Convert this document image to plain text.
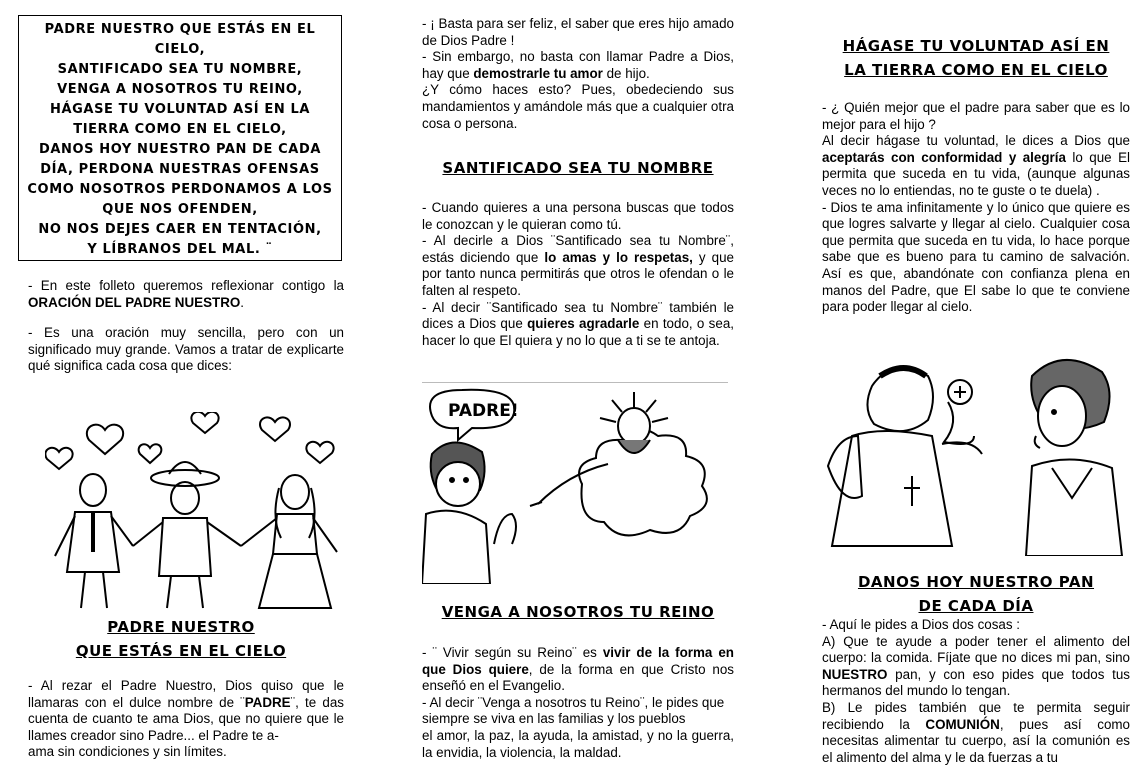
PADRE NUESTRO QUE ESTÁS EN EL CIELO,
SANTIFICADO SEA TU NOMBRE,
VENGA A NOSOTROS TU REINO,
HÁGASE TU VOLUNTAD ASÍ EN LA TIERRA COMO EN EL CIELO,
DANOS HOY NUESTRO PAN DE CADA DÍA, PERDONA NUESTRAS OFENSAS COMO NOSOTROS PERDONAMOS A LOS QUE NOS OFENDEN,
NO NOS DEJES CAER EN TENTACIÓN,
Y LÍBRANOS DEL MAL. ¨

- En este folleto queremos reflexionar contigo la ORACIÓN DEL PADRE NUESTRO.

- Es una oración muy sencilla, pero con un significado muy grande. Vamos a tratar de explicarte qué significa cada cosa que dices:

PADRE NUESTRO
QUE ESTÁS EN EL CIELO

- Al rezar el Padre Nuestro, Dios quiso que le llamaras con el dulce nombre de ¨PADRE¨, te das cuenta de cuanto te ama Dios, que no quiere que le llames creador sino Padre... el Padre te a-

ama sin condiciones y sin límites.

- ¡ Basta para ser feliz, el saber que eres hijo amado de Dios Padre !

- Sin embargo, no basta con llamar Padre a Dios, hay que demostrarle tu amor de hijo.

¿Y cómo haces esto? Pues, obedeciendo sus mandamientos y amándole más que a cualquier otra cosa o persona.

SANTIFICADO SEA TU NOMBRE

- Cuando quieres a una persona buscas que todos le conozcan y le quieran como tú.

- Al decirle a Dios ¨Santificado sea tu Nombre¨, estás diciendo que lo amas y lo respetas, y que por tanto nunca permitirás que otros le ofendan o le falten al respeto.

- Al decir ¨Santificado sea tu Nombre¨ también le dices a Dios que quieres agradarle en todo, o sea, hacer lo que El quiera y no lo que a ti se te antoja.

PADRE!
VENGA A NOSOTROS TU REINO

- ¨ Vivir según su Reino¨ es vivir de la forma en que Dios quiere, de la forma en que Cristo nos enseñó en el Evangelio.

- Al decir ¨Venga a nosotros tu Reino¨, le pides que siempre se viva en las familias y los pueblos

el amor, la paz, la ayuda, la amistad, y no la guerra, la envidia, la violencia, la maldad.

HÁGASE TU VOLUNTAD ASÍ EN
LA TIERRA COMO EN EL CIELO

- ¿ Quién mejor que el padre para saber que es lo mejor para el hijo ?

Al decir hágase tu voluntad, le dices a Dios que aceptarás con conformidad y alegría lo que El permita que suceda en tu vida, (aunque algunas veces no lo entiendas, no te guste o te duela) .

- Dios te ama infinitamente y lo único que quiere es que logres salvarte y llegar al cielo. Cualquier cosa que permita que suceda en tu vida, lo hace porque sabe que es bueno para tu camino de salvación. Así es que, abandónate con confianza plena en manos del Padre, que El sabe lo que te conviene para poder llegar al cielo.

DANOS HOY NUESTRO PAN
DE CADA DÍA

- Aquí le pides a Dios dos cosas :

A) Que te ayude a poder tener el alimento del cuerpo: la comida. Fíjate que no dices mi pan, sino NUESTRO pan, y con eso pides que todos tus hermanos del mundo lo tengan.

B) Le pides también que te permita seguir recibiendo la COMUNIÓN, pues así como necesitas alimentar tu cuerpo, así la comunión es el alimento del alma y le da fuerzas a tu
